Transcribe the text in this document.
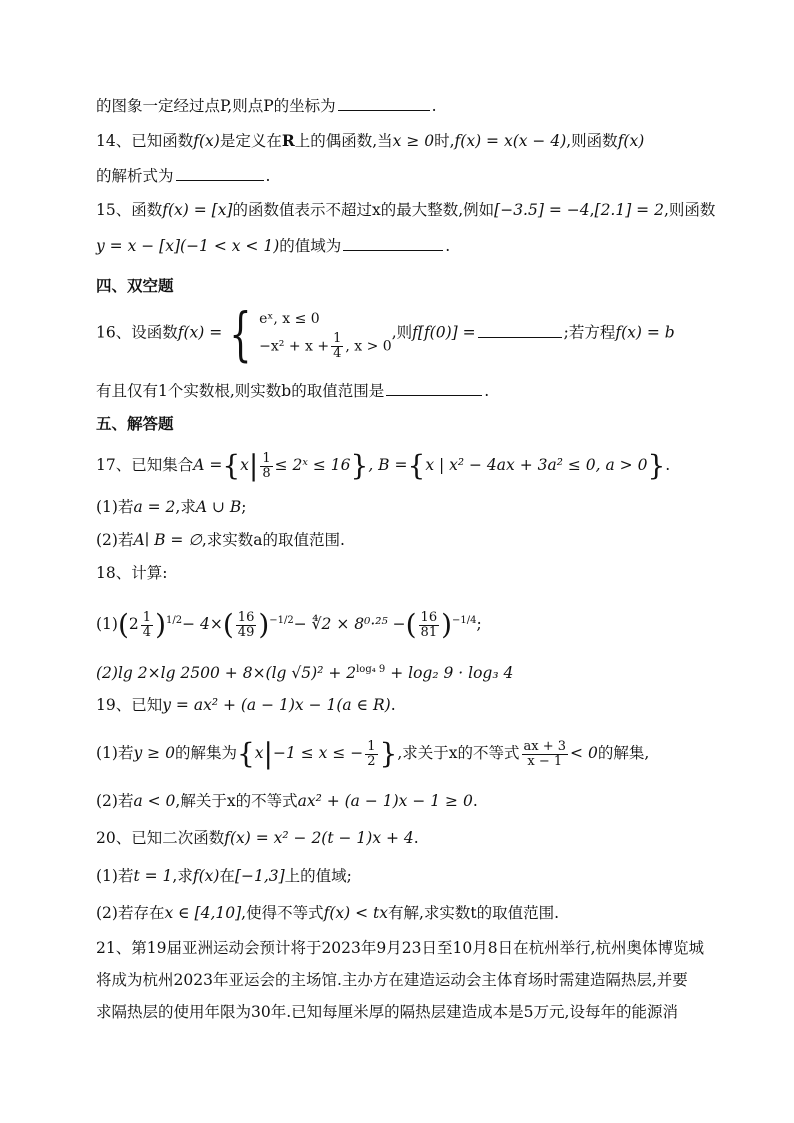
的图象一定经过点P,则点P的坐标为	.
14、已知函数f(x)是定义在R上的偶函数,当x ≥ 0时,f(x) = x(x − 4),则函数f(x)
的解析式为	.
15、函数f(x) = [x]的函数值表示不超过x的最大整数,例如[−3.5] = −4,[2.1] = 2,则函数
y = x − [x](−1 < x < 1)的值域为	.
四、双空题
16、设函数f(x) = { eˣ, x ≤ 0
$-x^2 + x + \frac{1}{4}$ , x > 0
,则f[f(0)] =	;若方程f(x) = b
有且仅有1个实数根,则实数b的取值范围是	.
五、解答题
17、已知集合$A =\{x| \frac{1}{8}$ ≤ 2ˣ ≤ 16}, B ={x | x² − 4ax + 3a² ≤ 0, a > 0}.
(1)若a = 2,求A ∪ B;
(2)若A∣ B = ∅,求实数a的取值范围.
18、计算:
$(1)(2 \frac{1}{4} )^{1/2}- 4\times( \frac{16}{49} )^{-1/2}-$ ∜2 × 8⁰·²⁵ −( $\frac{16}{81} )^{-1/4}$;
(2)lg 2×lg 2500 + 8×(lg $√5)^2 + 2^{log_4 9} + \log_2$ 9 · log₃ 4
19、已知y = ax² + (a − 1)x − 1(a ∈ R).
(1)若y ≥ 0的解集为{x|−1 ≤ x ≤ − $\frac{1}{2}$ },求关于x的不等式 $\frac{ax + 3}{x - 1} < 0$的解集,
(2)若a < 0,解关于x的不等式ax² + (a − 1)x − 1 ≥ 0.
20、已知二次函数f(x) = x² − 2(t − 1)x + 4.
(1)若t = 1,求f(x)在[−1,3]上的值域;
(2)若存在x ∈ [4,10],使得不等式f(x) < tx有解,求实数t的取值范围.
21、第19届亚洲运动会预计将于2023年9月23日至10月8日在杭州举行,杭州奥体博览城
将成为杭州2023年亚运会的主场馆.主办方在建造运动会主体育场时需建造隔热层,并要
求隔热层的使用年限为30年.已知每厘米厚的隔热层建造成本是5万元,设每年的能源消
